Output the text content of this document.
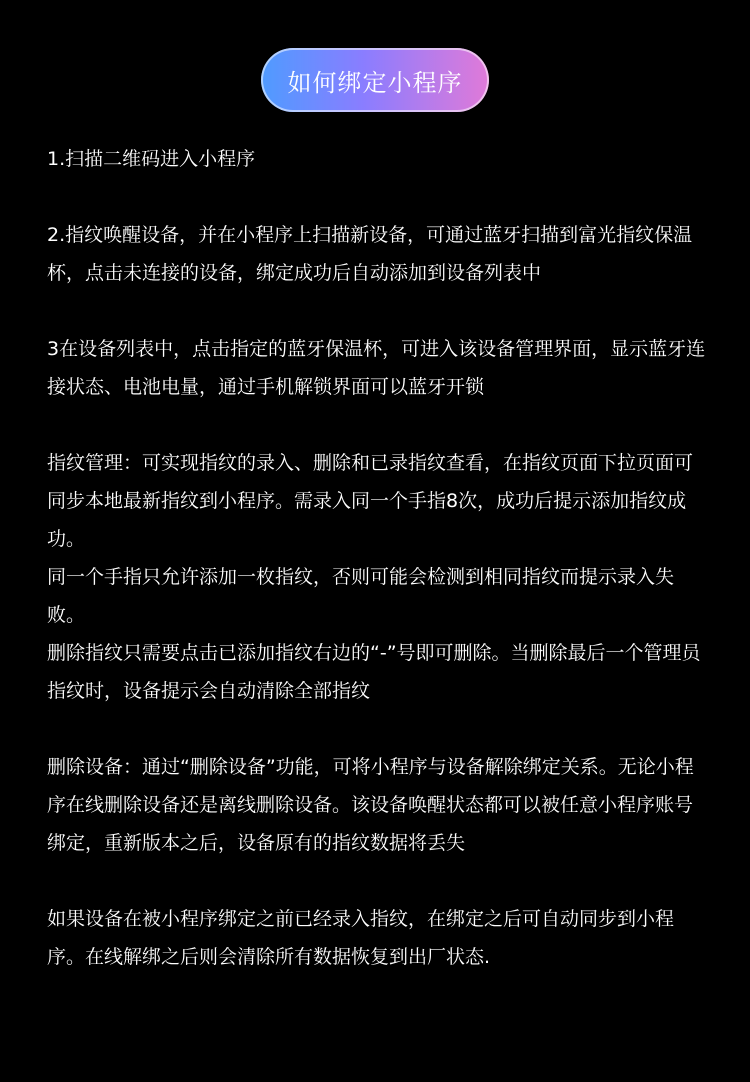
如何绑定小程序

1.扫描二维码进入小程序

2.指纹唤醒设备，并在小程序上扫描新设备，可通过蓝牙扫描到富光指纹保温杯，点击未连接的设备，绑定成功后自动添加到设备列表中

3在设备列表中，点击指定的蓝牙保温杯，可进入该设备管理界面，显示蓝牙连接状态、电池电量，通过手机解锁界面可以蓝牙开锁

指纹管理：可实现指纹的录入、删除和已录指纹查看，在指纹页面下拉页面可同步本地最新指纹到小程序。需录入同一个手指8次，成功后提示添加指纹成功。

同一个手指只允许添加一枚指纹，否则可能会检测到相同指纹而提示录入失败。

删除指纹只需要点击已添加指纹右边的“-”号即可删除。当删除最后一个管理员指纹时，设备提示会自动清除全部指纹

删除设备：通过“删除设备”功能，可将小程序与设备解除绑定关系。无论小程序在线删除设备还是离线删除设备。该设备唤醒状态都可以被任意小程序账号绑定，重新版本之后，设备原有的指纹数据将丢失

如果设备在被小程序绑定之前已经录入指纹，在绑定之后可自动同步到小程序。在线解绑之后则会清除所有数据恢复到出厂状态.
